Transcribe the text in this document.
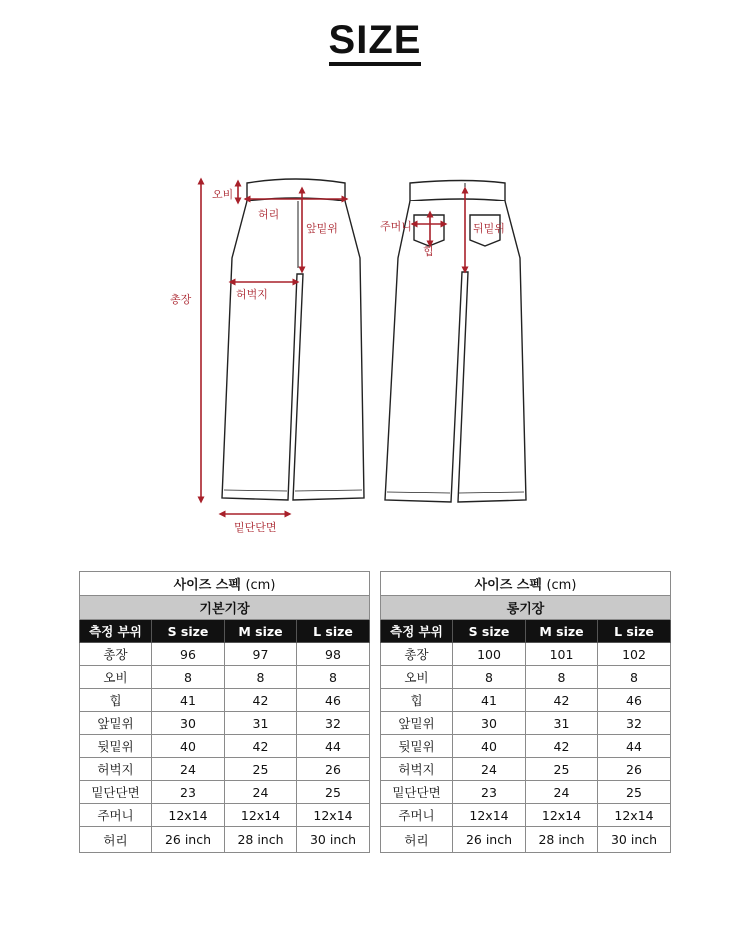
SIZE
오비
허리
앞밑위
총장	허벅지
밑단단면
주머니
힙
뒤밑위
사이즈 스펙 (cm)			
기본기장			
측정 부위	S size	M size	L size
총장	96	97	98
오비	8	8	8
힙	41	42	46
앞밑위	30	31	32
뒷밑위	40	42	44
허벅지	24	25	26
밑단단면	23	24	25
주머니	12x14	12x14	12x14
허리	26 inch	28 inch	30 inch
사이즈 스펙 (cm)			
롱기장			
측정 부위	S size	M size	L size
총장	100	101	102
오비	8	8	8
힙	41	42	46
앞밑위	30	31	32
뒷밑위	40	42	44
허벅지	24	25	26
밑단단면	23	24	25
주머니	12x14	12x14	12x14
허리	26 inch	28 inch	30 inch
